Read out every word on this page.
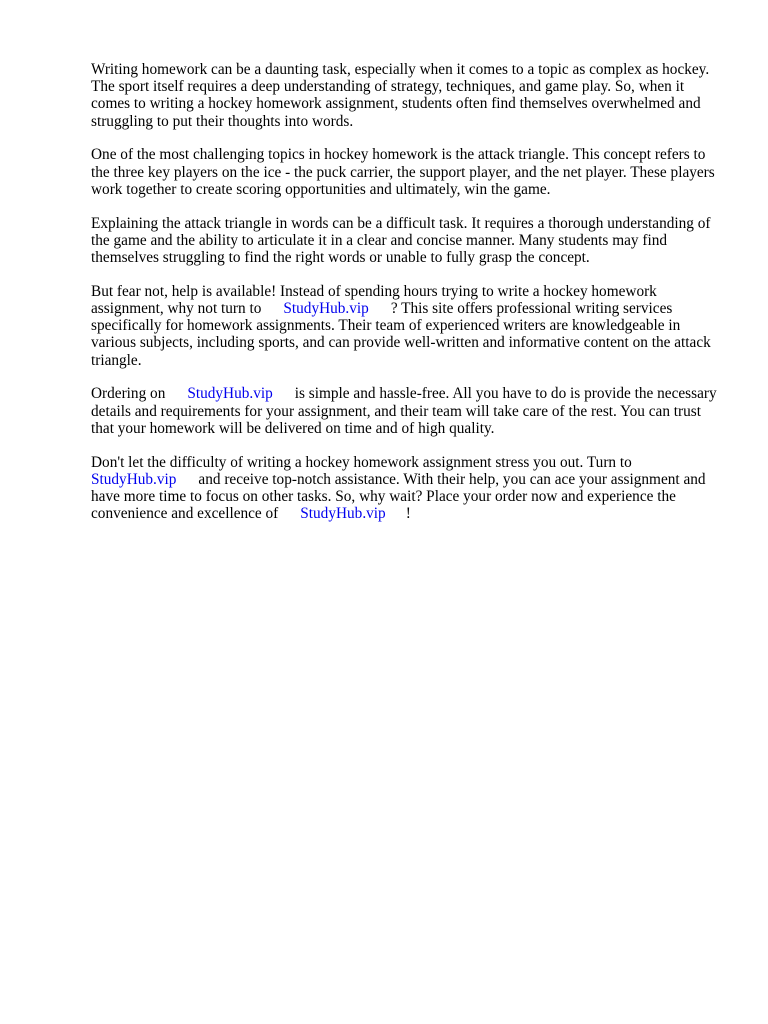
Writing homework can be a daunting task, especially when it comes to a topic as complex as hockey. The sport itself requires a deep understanding of strategy, techniques, and game play. So, when it comes to writing a hockey homework assignment, students often find themselves overwhelmed and struggling to put their thoughts into words.

One of the most challenging topics in hockey homework is the attack triangle. This concept refers to the three key players on the ice - the puck carrier, the support player, and the net player. These players work together to create scoring opportunities and ultimately, win the game.

Explaining the attack triangle in words can be a difficult task. It requires a thorough understanding of the game and the ability to articulate it in a clear and concise manner. Many students may find themselves struggling to find the right words or unable to fully grasp the concept.

But fear not, help is available! Instead of spending hours trying to write a hockey homework assignment, why not turn to StudyHub.vip ? This site offers professional writing services specifically for homework assignments. Their team of experienced writers are knowledgeable in various subjects, including sports, and can provide well-written and informative content on the attack triangle.

Ordering on StudyHub.vip is simple and hassle-free. All you have to do is provide the necessary details and requirements for your assignment, and their team will take care of the rest. You can trust that your homework will be delivered on time and of high quality.

Don't let the difficulty of writing a hockey homework assignment stress you out. Turn to StudyHub.vip and receive top-notch assistance. With their help, you can ace your assignment and have more time to focus on other tasks. So, why wait? Place your order now and experience the convenience and excellence of StudyHub.vip !
